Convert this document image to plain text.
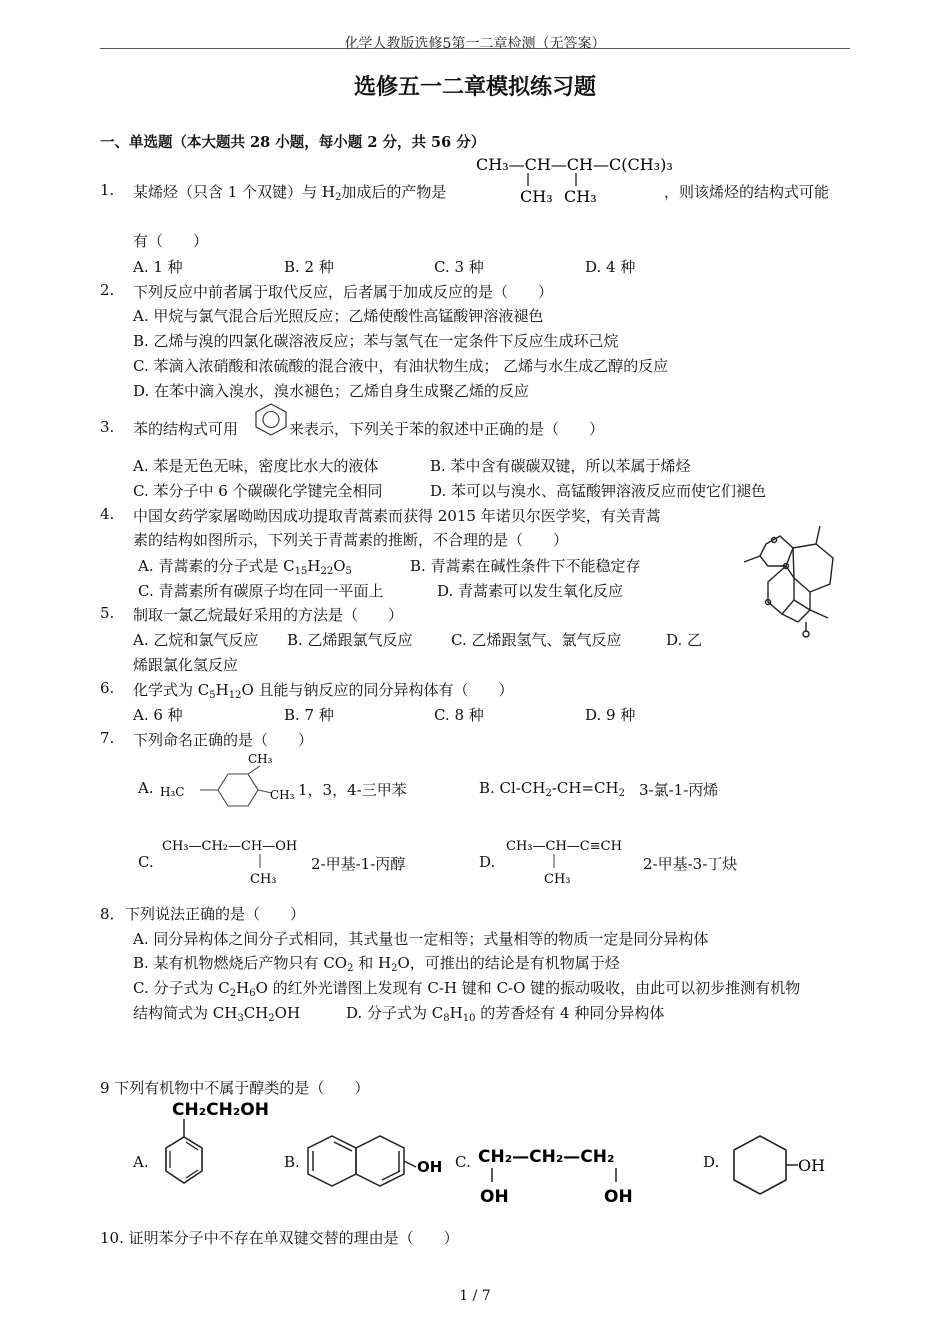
化学人教版选修5第一二章检测（无答案）
选修五一二章模拟练习题
一、单选题（本大题共 28 小题，每小题 2 分，共 56 分）
1. 某烯烃（只含 1 个双键）与 $H_2$加成后的产物是
CH₃—CH—CH—C(CH₃)₃
CH₃ CH₃	，则该烯烃的结构式可能
有（　　）
A. 1 种	B. 2 种	C. 3 种	D. 4 种
2. 下列反应中前者属于取代反应，后者属于加成反应的是（　　）
A. 甲烷与氯气混合后光照反应；乙烯使酸性高锰酸钾溶液褪色
B. 乙烯与溴的四氯化碳溶液反应；苯与氢气在一定条件下反应生成环己烷
C. 苯滴入浓硝酸和浓硫酸的混合液中，有油状物生成； 乙烯与水生成乙醇的反应
D. 在苯中滴入溴水，溴水褪色；乙烯自身生成聚乙烯的反应
3. 苯的结构式可用	来表示，下列关于苯的叙述中正确的是（　　）
A. 苯是无色无味，密度比水大的液体	B. 苯中含有碳碳双键，所以苯属于烯烃
C. 苯分子中 6 个碳碳化学键完全相同	D. 苯可以与溴水、高锰酸钾溶液反应而使它们褪色
4. 中国女药学家屠呦呦因成功提取青蒿素而获得 2015 年诺贝尔医学奖，有关青蒿
素的结构如图所示，下列关于青蒿素的推断，不合理的是（　　）
A. 青蒿素的分子式是 $C_{15}H_{22}O_5$	B. 青蒿素在碱性条件下不能稳定存
C. 青蒿素所有碳原子均在同一平面上	D. 青蒿素可以发生氧化反应
5. 制取一氯乙烷最好采用的方法是（　　）
A. 乙烷和氯气反应 B. 乙烯跟氯气反应	C. 乙烯跟氢气、氯气反应	D. 乙
烯跟氯化氢反应
6. 化学式为 $C_5H_{12}O$ 且能与钠反应的同分异构体有（　　）
A. 6 种	B. 7 种	C. 8 种	D. 9 种
7. 下列命名正确的是（　　）
A.
CH₃
H₃C	CH₃ 1，3，4-三甲苯	B. $Cl-CH_2-CH=CH_2$ 3-氯-1-丙烯
C.
CH₃—CH₂—CH—OH
CH₃
2-甲基-1-丙醇	D.
CH₃—CH—C≡CH
CH₃
2-甲基-3-丁炔
8． 下列说法正确的是（　　）
A. 同分异构体之间分子式相同，其式量也一定相等；式量相等的物质一定是同分异构体
B. 某有机物燃烧后产物只有 $CO_2$ 和 $H_2O$，可推出的结论是有机物属于烃
C. 分子式为 $C_2H_6O$ 的红外光谱图上发现有 C-H 键和 C-O 键的振动吸收，由此可以初步推测有机物
结构简式为 $CH_3CH_2OH$	D. 分子式为 $C_8H_{10}$ 的芳香烃有 4 种同分异构体
9 下列有机物中不属于醇类的是（　　）
A.
CH₂CH₂OH
B.	OH C. CH₂—CH₂—CH₂
OH	OH
D.	OH
10. 证明苯分子中不存在单双键交替的理由是（　　）
1 / 7
